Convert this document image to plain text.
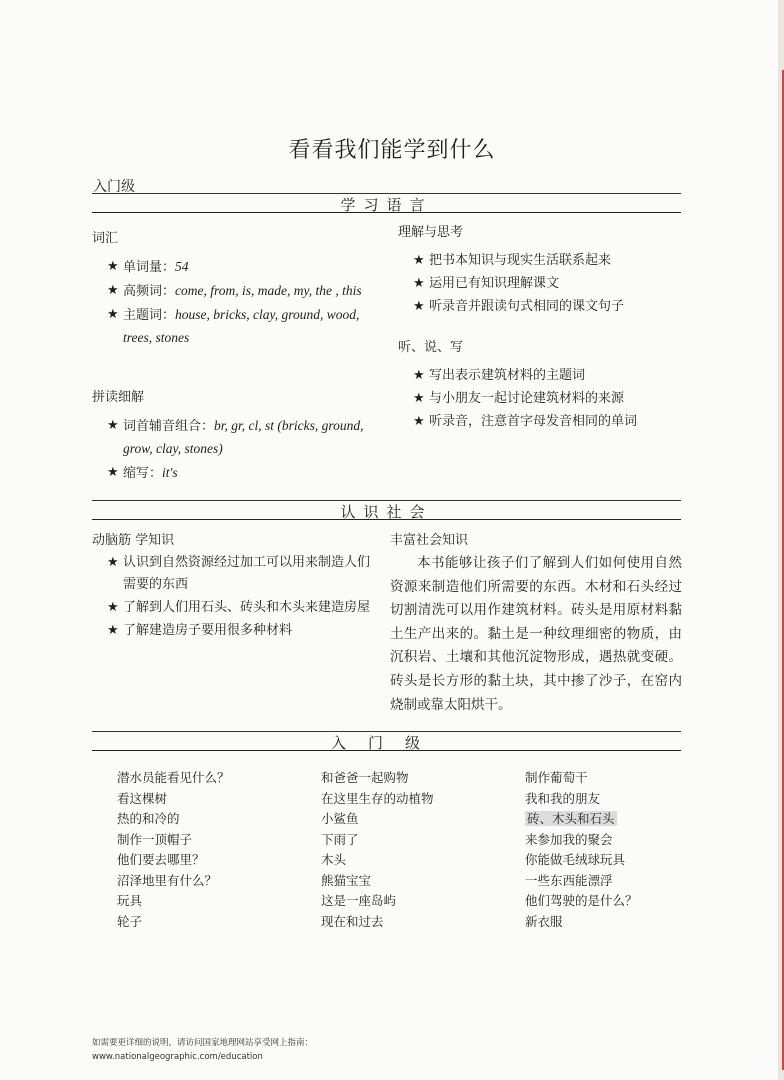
看看我们能学到什么
入门级
学习语言
词汇
★ 单词量：54
★ 高频词：come, from, is, made, my, the , this
★ 主题词：house, bricks, clay, ground, wood, trees, stones
拼读细解
★ 词首辅音组合：br, gr, cl, st (bricks, ground, grow, clay, stones)
★ 缩写：it's
理解与思考
★ 把书本知识与现实生活联系起来
★ 运用已有知识理解课文
★ 听录音并跟读句式相同的课文句子
听、说、写
★ 写出表示建筑材料的主题词
★ 与小朋友一起讨论建筑材料的来源
★ 听录音，注意首字母发音相同的单词
认识社会
动脑筋 学知识
★ 认识到自然资源经过加工可以用来制造人们需要的东西
★ 了解到人们用石头、砖头和木头来建造房屋
★ 了解建造房子要用很多种材料
丰富社会知识
本书能够让孩子们了解到人们如何使用自然资源来制造他们所需要的东西。木材和石头经过切割清洗可以用作建筑材料。砖头是用原材料黏土生产出来的。黏土是一种纹理细密的物质，由沉积岩、土壤和其他沉淀物形成，遇热就变硬。砖头是长方形的黏土块，其中掺了沙子，在窑内烧制或靠太阳烘干。
入门级
潜水员能看见什么？
看这棵树
热的和冷的
制作一顶帽子
他们要去哪里？
沼泽地里有什么？
玩具
轮子
和爸爸一起购物
在这里生存的动植物
小鲨鱼
下雨了
木头
熊猫宝宝
这是一座岛屿
现在和过去
制作葡萄干
我和我的朋友
砖、木头和石头
来参加我的聚会
你能做毛绒球玩具
一些东西能漂浮
他们驾驶的是什么？
新衣服
如需要更详细的说明，请访问国家地理网站享受网上指南：
www.nationalgeographic.com/education
